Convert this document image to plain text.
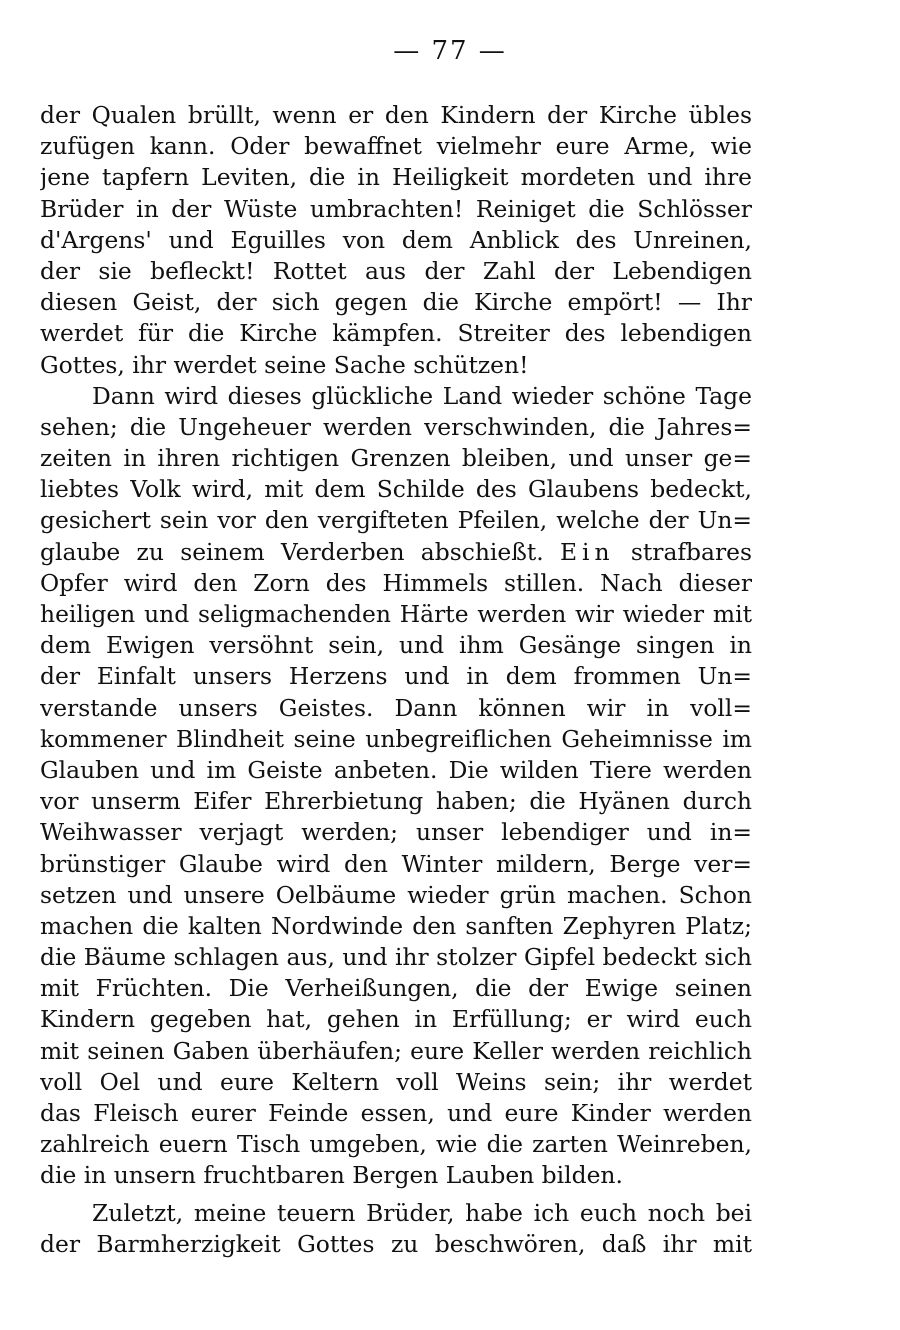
— 77 —
der Qualen brüllt, wenn er den Kindern der Kirche übles
zufügen kann. Oder bewaffnet vielmehr eure Arme, wie
jene tapfern Leviten, die in Heiligkeit mordeten und ihre
Brüder in der Wüste umbrachten! Reiniget die Schlösser
d'Argens' und Eguilles von dem Anblick des Unreinen,
der sie befleckt! Rottet aus der Zahl der Lebendigen
diesen Geist, der sich gegen die Kirche empört! — Ihr
werdet für die Kirche kämpfen. Streiter des lebendigen
Gottes, ihr werdet seine Sache schützen!
Dann wird dieses glückliche Land wieder schöne Tage
sehen; die Ungeheuer werden verschwinden, die Jahres=
zeiten in ihren richtigen Grenzen bleiben, und unser ge=
liebtes Volk wird, mit dem Schilde des Glaubens bedeckt,
gesichert sein vor den vergifteten Pfeilen, welche der Un=
glaube zu seinem Verderben abschießt. Ein strafbares
Opfer wird den Zorn des Himmels stillen. Nach dieser
heiligen und seligmachenden Härte werden wir wieder mit
dem Ewigen versöhnt sein, und ihm Gesänge singen in
der Einfalt unsers Herzens und in dem frommen Un=
verstande unsers Geistes. Dann können wir in voll=
kommener Blindheit seine unbegreiflichen Geheimnisse im
Glauben und im Geiste anbeten. Die wilden Tiere werden
vor unserm Eifer Ehrerbietung haben; die Hyänen durch
Weihwasser verjagt werden; unser lebendiger und in=
brünstiger Glaube wird den Winter mildern, Berge ver=
setzen und unsere Oelbäume wieder grün machen. Schon
machen die kalten Nordwinde den sanften Zephyren Platz;
die Bäume schlagen aus, und ihr stolzer Gipfel bedeckt sich
mit Früchten. Die Verheißungen, die der Ewige seinen
Kindern gegeben hat, gehen in Erfüllung; er wird euch
mit seinen Gaben überhäufen; eure Keller werden reichlich
voll Oel und eure Keltern voll Weins sein; ihr werdet
das Fleisch eurer Feinde essen, und eure Kinder werden
zahlreich euern Tisch umgeben, wie die zarten Weinreben,
die in unsern fruchtbaren Bergen Lauben bilden.
Zuletzt, meine teuern Brüder, habe ich euch noch bei
der Barmherzigkeit Gottes zu beschwören, daß ihr mit
